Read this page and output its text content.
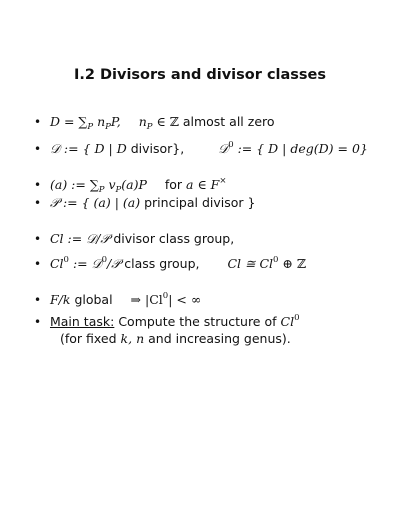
I.2 Divisors and divisor classes
• $D = \sum_P$ $n_PP$, $n_P$ ∈ ℤ almost all zero
• 𝒟 := { D | D divisor},	𝒟$^0$ := { D | deg(D) = 0}
• (a) := $\sum_P$ $v_P(a)P$ for a ∈ F×
• 𝒫 := { (a) | (a) principal divisor }
• Cl := 𝒟/𝒫 divisor class group,
• Cl$^0$ := 𝒟$^0$/𝒫 class group, Cl ≅ Cl$^0$ ⊕ ℤ
• F/k global ⇒ $|Cl^0|$ < ∞
• Main task: Compute the structure of Cl$^0$
(for fixed k, n and increasing genus).
